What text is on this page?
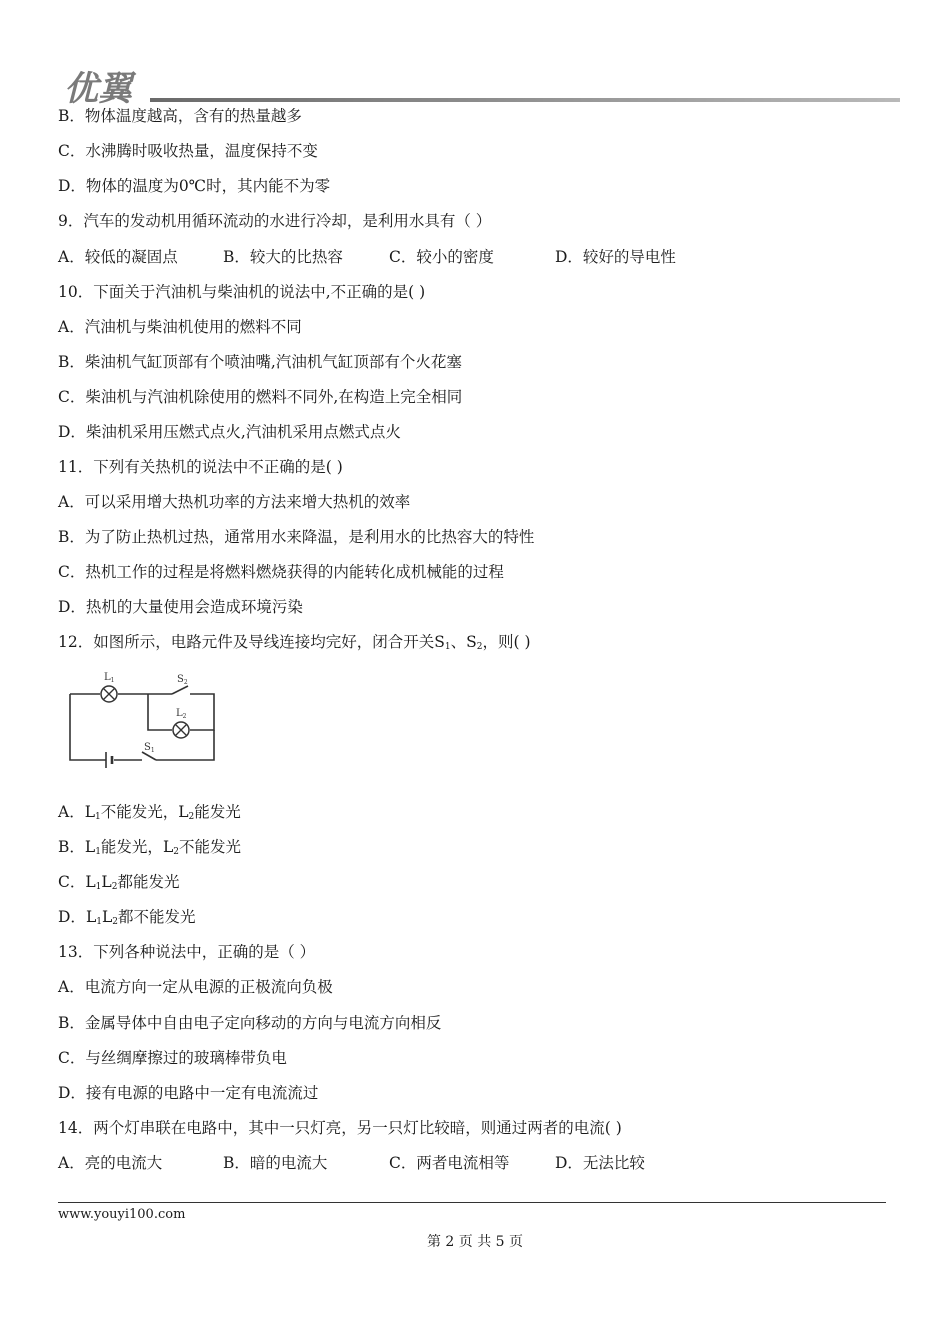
优翼
B．物体温度越高，含有的热量越多
C．水沸腾时吸收热量，温度保持不变
D．物体的温度为0℃时，其内能不为零
9．汽车的发动机用循环流动的水进行冷却，是利用水具有（ ）
A．较低的凝固点	B．较大的比热容	C．较小的密度	D．较好的导电性
10．下面关于汽油机与柴油机的说法中,不正确的是( )
A．汽油机与柴油机使用的燃料不同
B．柴油机气缸顶部有个喷油嘴,汽油机气缸顶部有个火花塞
C．柴油机与汽油机除使用的燃料不同外,在构造上完全相同
D．柴油机采用压燃式点火,汽油机采用点燃式点火
11．下列有关热机的说法中不正确的是( )
A．可以采用增大热机功率的方法来增大热机的效率
B．为了防止热机过热，通常用水来降温，是利用水的比热容大的特性
C．热机工作的过程是将燃料燃烧获得的内能转化成机械能的过程
D．热机的大量使用会造成环境污染
12．如图所示，电路元件及导线连接均完好，闭合开关$S_1$、$S_2$，则( )
$L_1$
$L_2$
$S_2$
$S_1$
A．$L_1$不能发光，$L_2$能发光
B．$L_1$能发光，$L_2$不能发光
C．$L_1L_2$都能发光
D．$L_1L_2$都不能发光
13．下列各种说法中，正确的是（ ）
A．电流方向一定从电源的正极流向负极
B．金属导体中自由电子定向移动的方向与电流方向相反
C．与丝绸摩擦过的玻璃棒带负电
D．接有电源的电路中一定有电流流过
14．两个灯串联在电路中，其中一只灯亮，另一只灯比较暗，则通过两者的电流( )
A．亮的电流大	B．暗的电流大	C．两者电流相等	D．无法比较
www.youyi100.com
第 2 页 共 5 页
